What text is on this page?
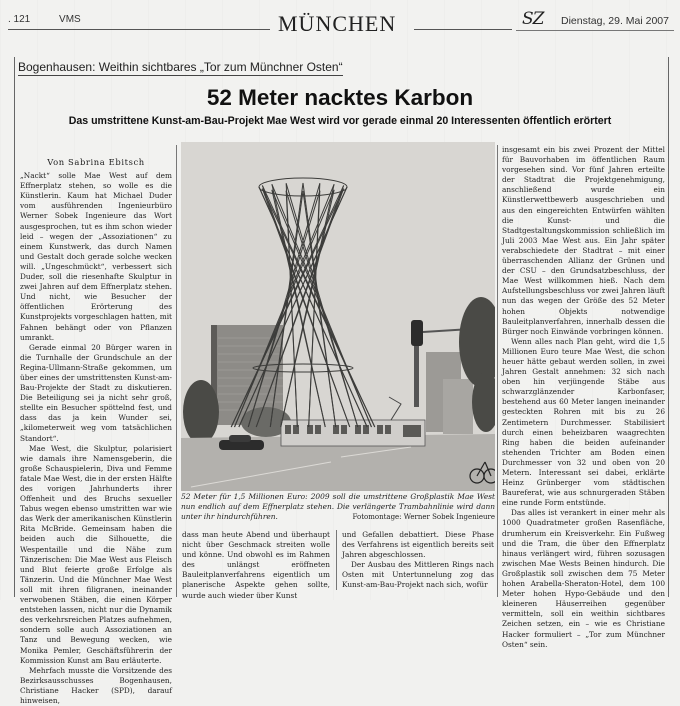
. 121	VMS	MÜNCHEN	SZ Dienstag, 29. Mai 2007
Bogenhausen: Weithin sichtbares „Tor zum Münchner Osten“
52 Meter nacktes Karbon
Das umstrittene Kunst-am-Bau-Projekt Mae West wird vor gerade einmal 20 Interessenten öffentlich erörtert

Von Sabrina Ebitsch

„Nackt“ solle Mae West auf dem Effnerplatz stehen, so wolle es die Künstlerin. Kaum hat Michael Duder vom ausführenden Ingenieurbüro Werner Sobek Ingenieure das Wort ausgesprochen, tut es ihm schon wieder leid – wegen der „Assoziationen“ zu einem Kunstwerk, das durch Namen und Gestalt doch gerade solche wecken will. „Ungeschmückt“, verbessert sich Duder, soll die riesenhafte Skulptur in zwei Jahren auf dem Effnerplatz stehen. Und nicht, wie Besucher der öffentlichen Erörterung des Kunstprojekts vorgeschlagen hatten, mit Fahnen behängt oder von Pflanzen umrankt.

Gerade einmal 20 Bürger waren in die Turnhalle der Grundschule an der Regina-Ullmann-Straße gekommen, um über eines der umstrittensten Kunst-am-Bau-Projekte der Stadt zu diskutieren. Die Beteiligung sei ja nicht sehr groß, stellte ein Besucher spöttelnd fest, und dass das ja kein Wunder sei, „kilometerweit weg vom tatsächlichen Standort“.

Mae West, die Skulptur, polarisiert wie damals ihre Namensgeberin, die große Schauspielerin, Diva und Femme fatale Mae West, die in der ersten Hälfte des vorigen Jahrhunderts ihrer Offenheit und des Bruchs sexueller Tabus wegen ebenso umstritten war wie das Werk der amerikanischen Künstlerin Rita McBride. Gemeinsam haben die beiden auch die Silhouette, die Wespentaille und die Nähe zum Tänzerischen: Die Mae West aus Fleisch und Blut feierte große Erfolge als Tänzerin. Und die Münchner Mae West soll mit ihren filigranen, ineinander verwobenen Stäben, die einen Körper entstehen lassen, nicht nur die Dynamik des verkehrsreichen Platzes aufnehmen, sondern solle auch Assoziationen an Tanz und Bewegung wecken, wie Monika Pemler, Geschäftsführerin der Kommission Kunst am Bau erläuterte.

Mehrfach musste die Vorsitzende des Bezirksausschusses Bogenhausen, Christiane Hacker (SPD), darauf hinweisen,

52 Meter für 1,5 Millionen Euro: 2009 soll die umstrittene Großplastik Mae West nun endlich auf dem Effnerplatz stehen. Die verlängerte Trambahnlinie wird dann unter ihr hindurchführen.	Fotomontage: Werner Sobek Ingenieure

dass man heute Abend und überhaupt nicht über Geschmack streiten wolle und könne. Und obwohl es im Rahmen des unlängst eröffneten Bauleitplanverfahrens eigentlich um planerische Aspekte gehen sollte, wurde auch wieder über Kunst

und Gefallen debattiert. Diese Phase des Verfahrens ist eigentlich bereits seit Jahren abgeschlossen.

Der Ausbau des Mittleren Rings nach Osten mit Untertunnelung zog das Kunst-am-Bau-Projekt nach sich, wofür

insgesamt ein bis zwei Prozent der Mittel für Bauvorhaben im öffentlichen Raum vorgesehen sind. Vor fünf Jahren erteilte der Stadtrat die Projektgenehmigung, anschließend wurde ein Künstlerwettbewerb ausgeschrieben und aus den eingereichten Entwürfen wählten die Kunst- und die Stadtgestaltungskommission schließlich im Juli 2003 Mae West aus. Ein Jahr später verabschiedete der Stadtrat – mit einer überraschenden Allianz der Grünen und der CSU – den Grundsatzbeschluss, der Mae West willkommen hieß. Nach dem Aufstellungsbeschluss vor zwei Jahren läuft nun das wegen der Größe des 52 Meter hohen Objekts notwendige Bauleitplanverfahren, innerhalb dessen die Bürger noch Einwände vorbringen können.

Wenn alles nach Plan geht, wird die 1,5 Millionen Euro teure Mae West, die schon heuer hätte gebaut werden sollen, in zwei Jahren Gestalt annehmen: 32 sich nach oben hin verjüngende Stäbe aus schwarzglänzender Karbonfaser, bestehend aus 60 Meter langen ineinander gesteckten Rohren mit bis zu 26 Zentimetern Durchmesser. Stabilisiert durch einen beheizbaren waagrechten Ring haben die beiden aufeinander stehenden Trichter am Boden einen Durchmesser von 32 und oben von 20 Metern. Interessant sei dabei, erklärte Heinz Grünberger vom städtischen Baureferat, wie aus schnurgeraden Stäben eine runde Form entstünde.

Das alles ist verankert in einer mehr als 1000 Quadratmeter großen Rasenfläche, drumherum ein Kreisverkehr. Ein Fußweg und die Tram, die über den Effnerplatz hinaus verlängert wird, führen sozusagen zwischen Mae Wests Beinen hindurch. Die Großplastik soll zwischen dem 75 Meter hohen Arabella-Sheraton-Hotel, dem 100 Meter hohen Hypo-Gebäude und den kleineren Häuserreihen gegenüber vermitteln, soll ein weithin sichtbares Zeichen setzen, ein – wie es Christiane Hacker formuliert – „Tor zum Münchner Osten“ sein.
